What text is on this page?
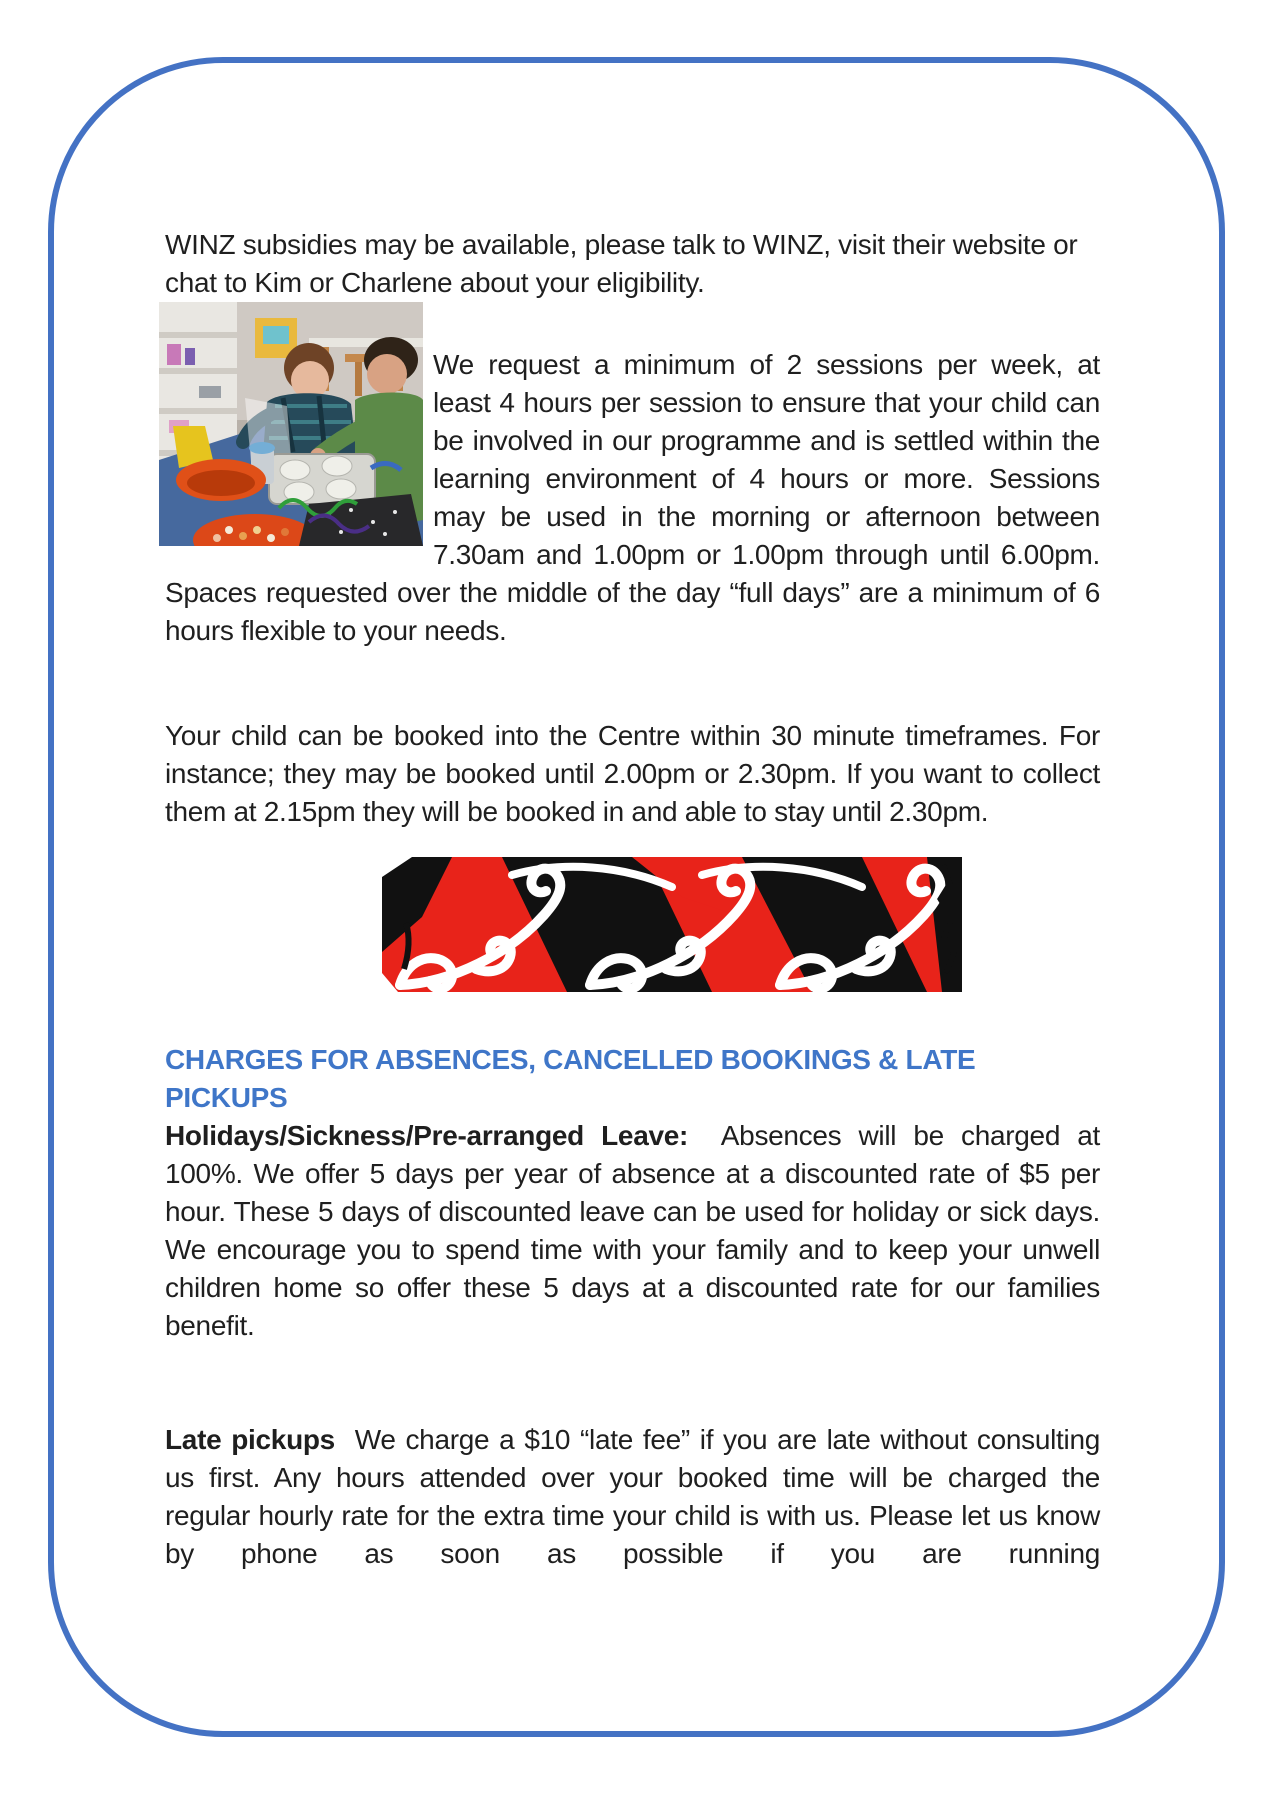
WINZ subsidies may be available, please talk to WINZ, visit their website or chat to Kim or Charlene about your eligibility.

We request a minimum of 2 sessions per week, at least 4 hours per session to ensure that your child can be involved in our programme and is settled within the learning environment of 4 hours or more. Sessions may be used in the morning or afternoon between 7.30am and 1.00pm or 1.00pm through until 6.00pm. Spaces requested over the middle of the day “full days” are a minimum of 6 hours flexible to your needs.

Your child can be booked into the Centre within 30 minute timeframes. For instance; they may be booked until 2.00pm or 2.30pm. If you want to collect them at 2.15pm they will be booked in and able to stay until 2.30pm.

CHARGES FOR ABSENCES, CANCELLED BOOKINGS & LATE PICKUPS

Holidays/Sickness/Pre-arranged Leave:  Absences will be charged at 100%. We offer 5 days per year of absence at a discounted rate of $5 per hour. These 5 days of discounted leave can be used for holiday or sick days. We encourage you to spend time with your family and to keep your unwell children home so offer these 5 days at a discounted rate for our families benefit.

Late pickups  We charge a $10 “late fee” if you are late without consulting us first. Any hours attended over your booked time will be charged the regular hourly rate for the extra time your child is with us. Please let us know by phone as soon as possible if you are running
